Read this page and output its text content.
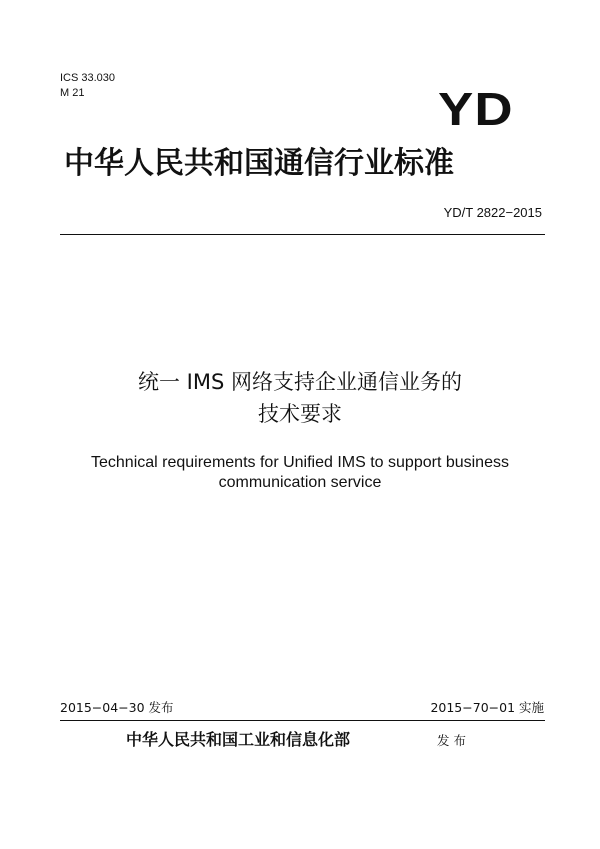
ICS 33.030
M 21	YD
中华人民共和国通信行业标准
YD/T 2822−2015
统一 IMS 网络支持企业通信业务的
技术要求
Technical requirements for Unified IMS to support business
communication service
2015−04−30 发布	2015−70−01 实施
中华人民共和国工业和信息化部	发 布
